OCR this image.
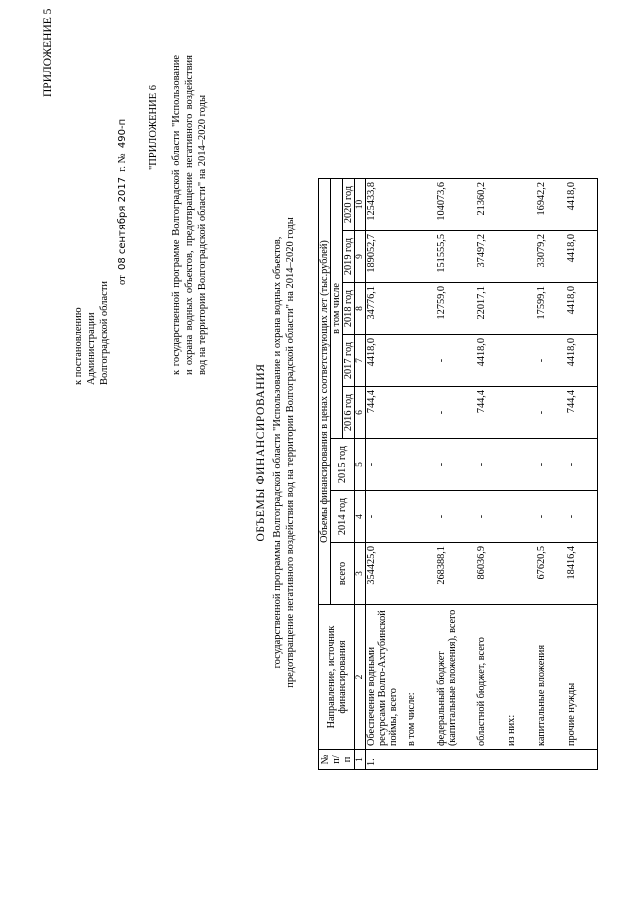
ПРИЛОЖЕНИЕ 5
к постановлению Администрации Волгоградской области
от  08 сентября 2017  г. №  490-п "ПРИЛОЖЕНИЕ 6 к государственной программе Волгоградской области "Использование и охрана водных объектов, предотвращение негативного воздействия вод на территории Волгоградской области" на 2014–2020 годы
ОБЪЕМЫ ФИНАНСИРОВАНИЯ государственной программы Волгоградской области "Использование и охрана водных объектов, предотвращение негативного воздействия вод на территории Волгоградской области" на 2014–2020 годы
№ п/п	Направление, источник финансирования	Объемы финансирования в ценах соответствующих лет (тыс.рублей)							
		всего	2014 год	2015 год	в том числе				
					2016 год	2017 год	2018 год	2019 год	2020 год
1	2	3	4	5	6	7	8	9	10
1.	Обеспечение водными ресурсами Волго-Ахтубинской поймы, всего	354425,0	-	-	744,4	4418,0	34776,1	189052,7	125433,8
	в том числе:								
	федеральный бюджет (капитальные вложения), всего	268388,1	-	-	-	-	12759,0	151555,5	104073,6
	областной бюджет, всего	86036,9	-	-	744,4	4418,0	22017,1	37497,2	21360,2
	из них:								
	капитальные вложения	67620,5	-	-	-	-	17599,1	33079,2	16942,2
	прочие нужды	18416,4	-	-	744,4	4418,0	4418,0	4418,0	4418,0
